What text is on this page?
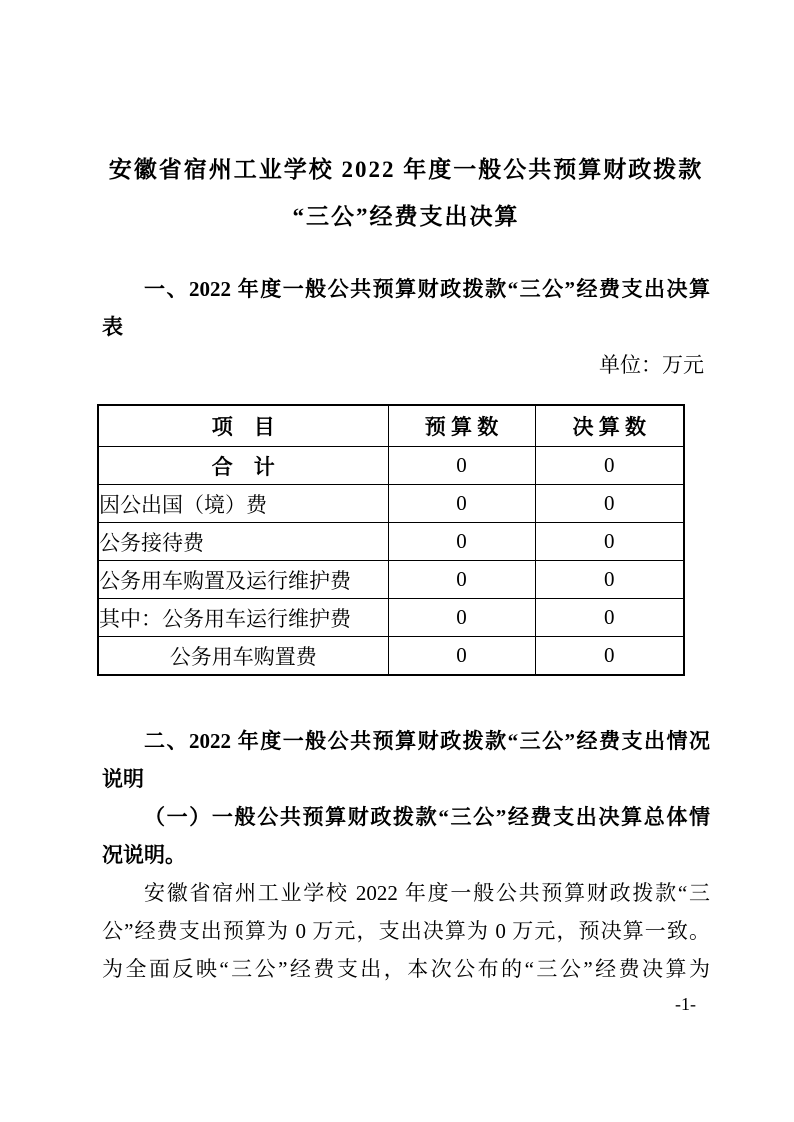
安徽省宿州工业学校 2022 年度一般公共预算财政拨款
“三公”经费支出决算
一、2022 年度一般公共预算财政拨款“三公”经费支出决算
表
单位：万元
项　目	预 算 数	决 算 数
合　计	0	0
因公出国（境）费	0	0
公务接待费	0	0
公务用车购置及运行维护费	0	0
其中：公务用车运行维护费	0	0
公务用车购置费	0	0
二、2022 年度一般公共预算财政拨款“三公”经费支出情况
说明
（一）一般公共预算财政拨款“三公”经费支出决算总体情
况说明。
安徽省宿州工业学校 2022 年度一般公共预算财政拨款“三
公”经费支出预算为 0 万元，支出决算为 0 万元，预决算一致。
为全面反映“三公”经费支出，本次公布的“三公”经费决算为
-1-
